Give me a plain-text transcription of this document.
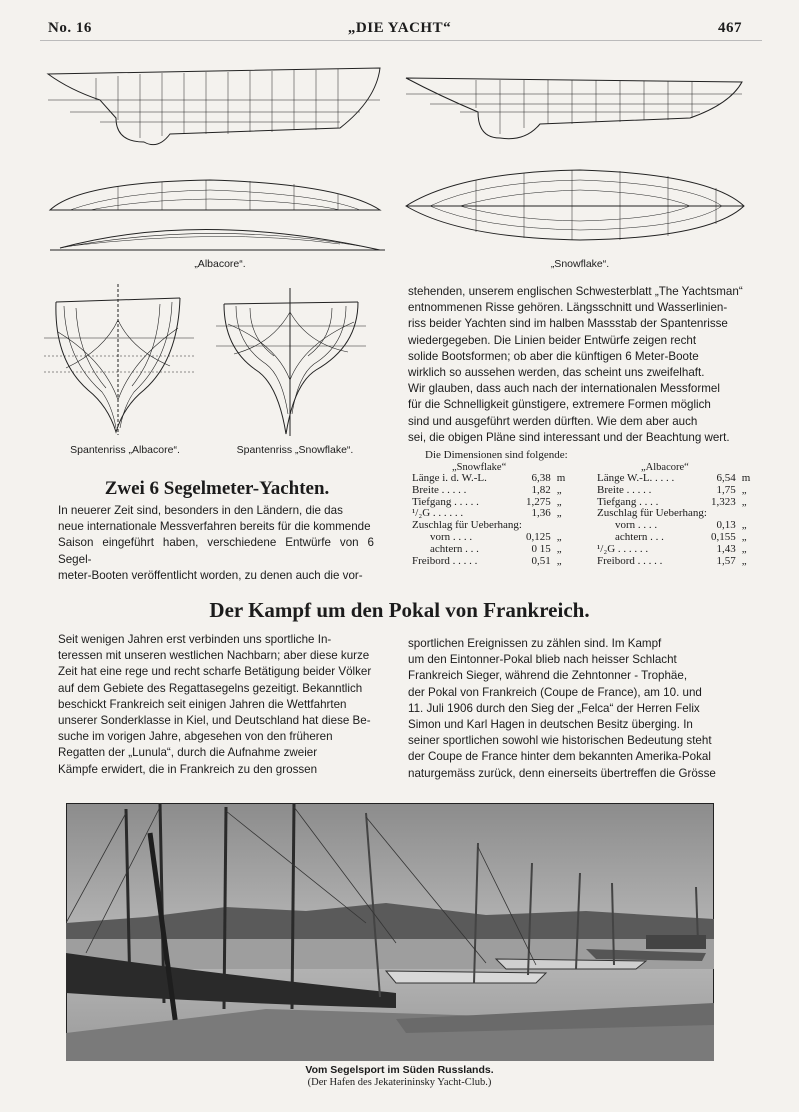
No. 16	„DIE YACHT“	467
„Albacore“.	„Snowflake“.
Spantenriss „Albacore“.	Spantenriss „Snowflake“.
Zwei 6 Segelmeter-Yachten.
In neuerer Zeit sind, besonders in den Ländern, die das
neue internationale Messverfahren bereits für die kommende
Saison eingeführt haben, verschiedene Entwürfe von 6 Segel-
meter-Booten veröffentlicht worden, zu denen auch die vor-
stehenden, unserem englischen Schwesterblatt „The Yachtsman“
entnommenen Risse gehören. Längsschnitt und Wasserlinien-
riss beider Yachten sind im halben Massstab der Spantenrisse
wiedergegeben. Die Linien beider Entwürfe zeigen recht
solide Bootsformen; ob aber die künftigen 6 Meter-Boote
wirklich so aussehen werden, das scheint uns zweifelhaft.
Wir glauben, dass auch nach der internationalen Messformel
für die Schnelligkeit günstigere, extremere Formen möglich
sind und ausgeführt werden dürften. Wie dem aber auch
sei, die obigen Pläne sind interessant und der Beachtung wert.
Die Dimensionen sind folgende:
„Snowflake“
Länge i. d. W.-L.	6,38	m
Breite . . . . .	1,82	„
Tiefgang . . . . .	1,275	„
¹/₂G . . . . . .	1,36	„
Zuschlag für Ueberhang:		
vorn . . . .	0,125	„
achtern . . .	0 15	„
Freibord . . . . .	0,51	„
„Albacore“
Länge W.-L. . . . .	6,54	m
Breite . . . . .	1,75	„
Tiefgang . . . .	1,323	„
Zuschlag für Ueberhang:		
vorn . . . .	0,13	„
achtern . . .	0,155	„
¹/₂G . . . . . .	1,43	„
Freibord . . . . .	1,57	„
Der Kampf um den Pokal von Frankreich.
Seit wenigen Jahren erst verbinden uns sportliche In-
teressen mit unseren westlichen Nachbarn; aber diese kurze
Zeit hat eine rege und recht scharfe Betätigung beider Völker
auf dem Gebiete des Regattasegelns gezeitigt. Bekanntlich
beschickt Frankreich seit einigen Jahren die Wettfahrten
unserer Sonderklasse in Kiel, und Deutschland hat diese Be-
suche im vorigen Jahre, abgesehen von den früheren
Regatten der „Lunula“, durch die Aufnahme zweier
Kämpfe erwidert, die in Frankreich zu den grossen
sportlichen Ereignissen zu zählen sind. Im Kampf
um den Eintonner-Pokal blieb nach heisser Schlacht
Frankreich Sieger, während die Zehntonner - Trophäe,
der Pokal von Frankreich (Coupe de France), am 10. und
11. Juli 1906 durch den Sieg der „Felca“ der Herren Felix
Simon und Karl Hagen in deutschen Besitz überging. In
seiner sportlichen sowohl wie historischen Bedeutung steht
der Coupe de France hinter dem bekannten Amerika-Pokal
naturgemäss zurück, denn einerseits übertreffen die Grösse
Vom Segelsport im Süden Russlands.
(Der Hafen des Jekaterininsky Yacht-Club.)
